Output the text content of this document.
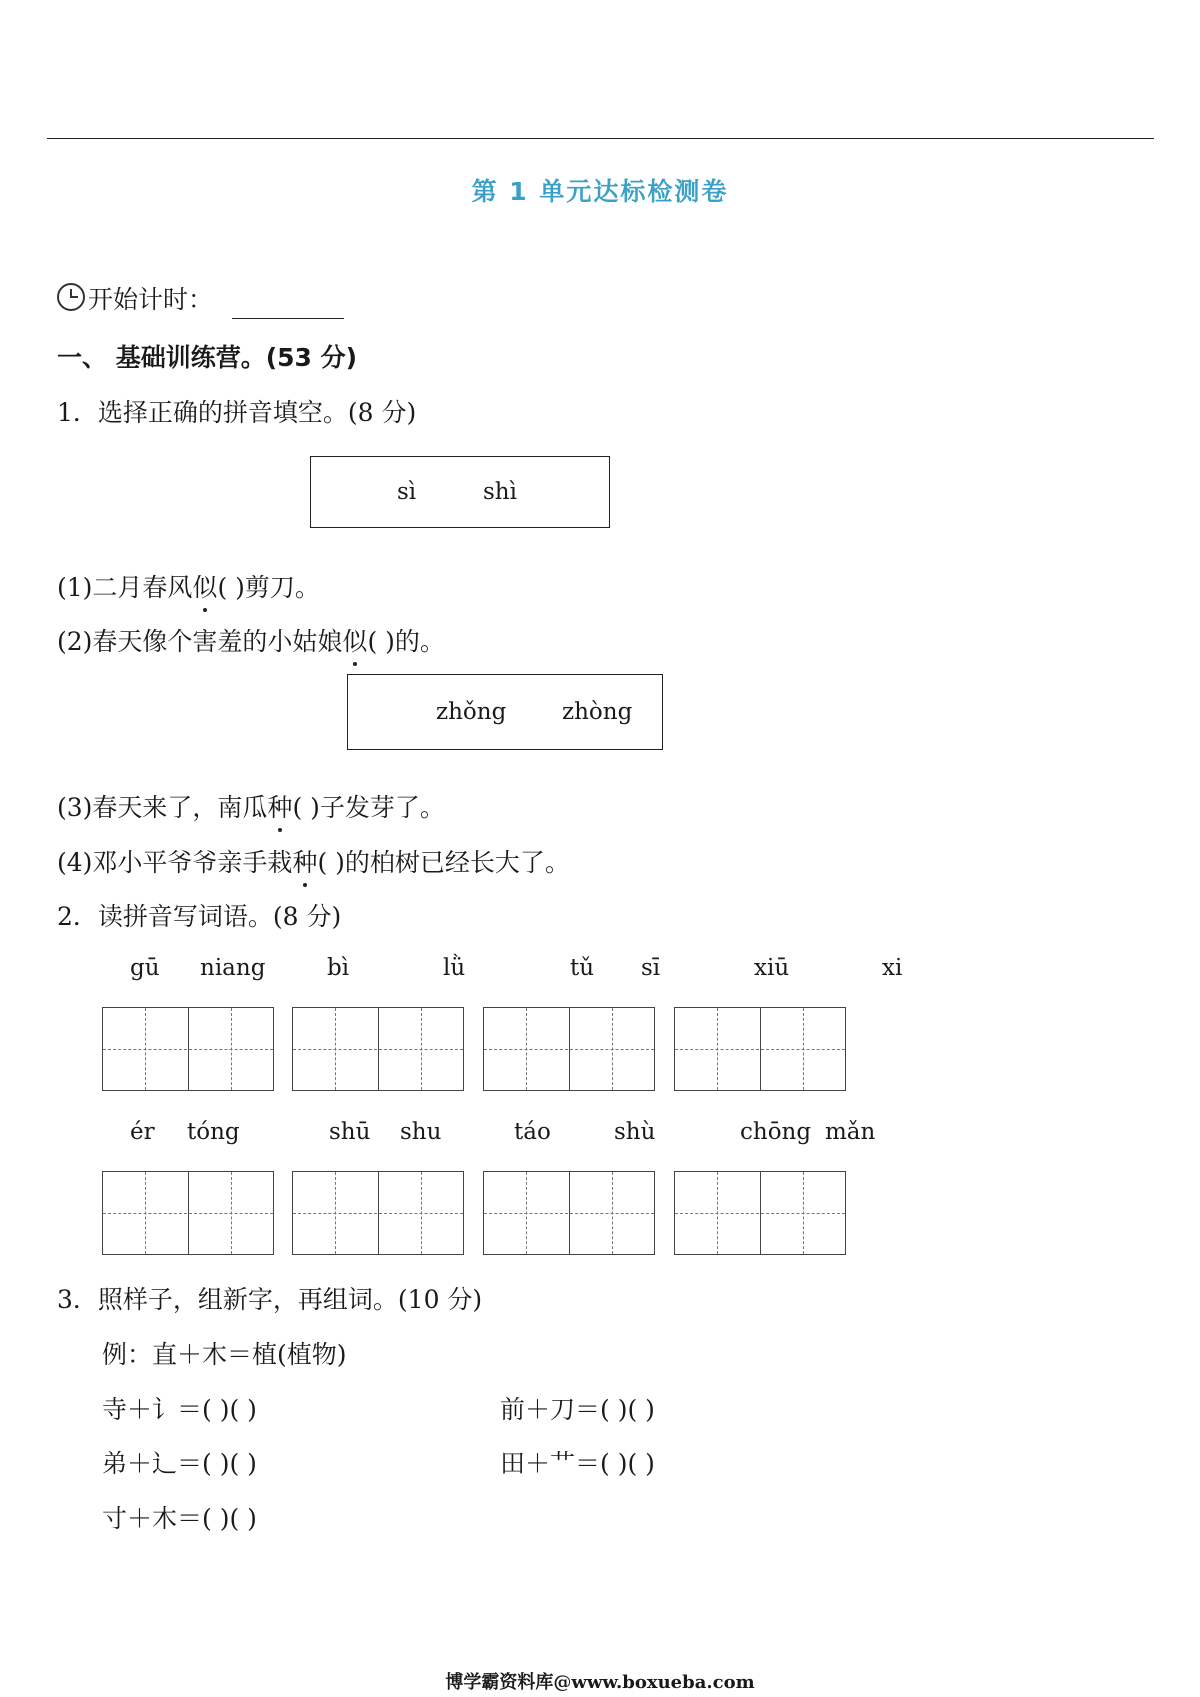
第 1 单元达标检测卷
开始计时：
一、 基础训练营。(53 分)
1．选择正确的拼音填空。(8 分)
sì	shì
(1)二月春风似( )剪刀。
(2)春天像个害羞的小姑娘似( )的。
zhǒng zhòng
(3)春天来了，南瓜种( )子发芽了。
(4)邓小平爷爷亲手栽种( )的柏树已经长大了。
2．读拼音写词语。(8 分)
gū niang	bì	lǜ	tǔ sī	xiū	xi
ér tóng	shū shu	táo	shù	chōng mǎn
3．照样子，组新字，再组词。(10 分)
例：直＋木＝植(植物)
寺＋讠＝( )( )	前＋刀＝( )( )
弟＋辶＝( )( )	田＋艹＝( )( )
寸＋木＝( )( )
博学霸资料库@www.boxueba.com
